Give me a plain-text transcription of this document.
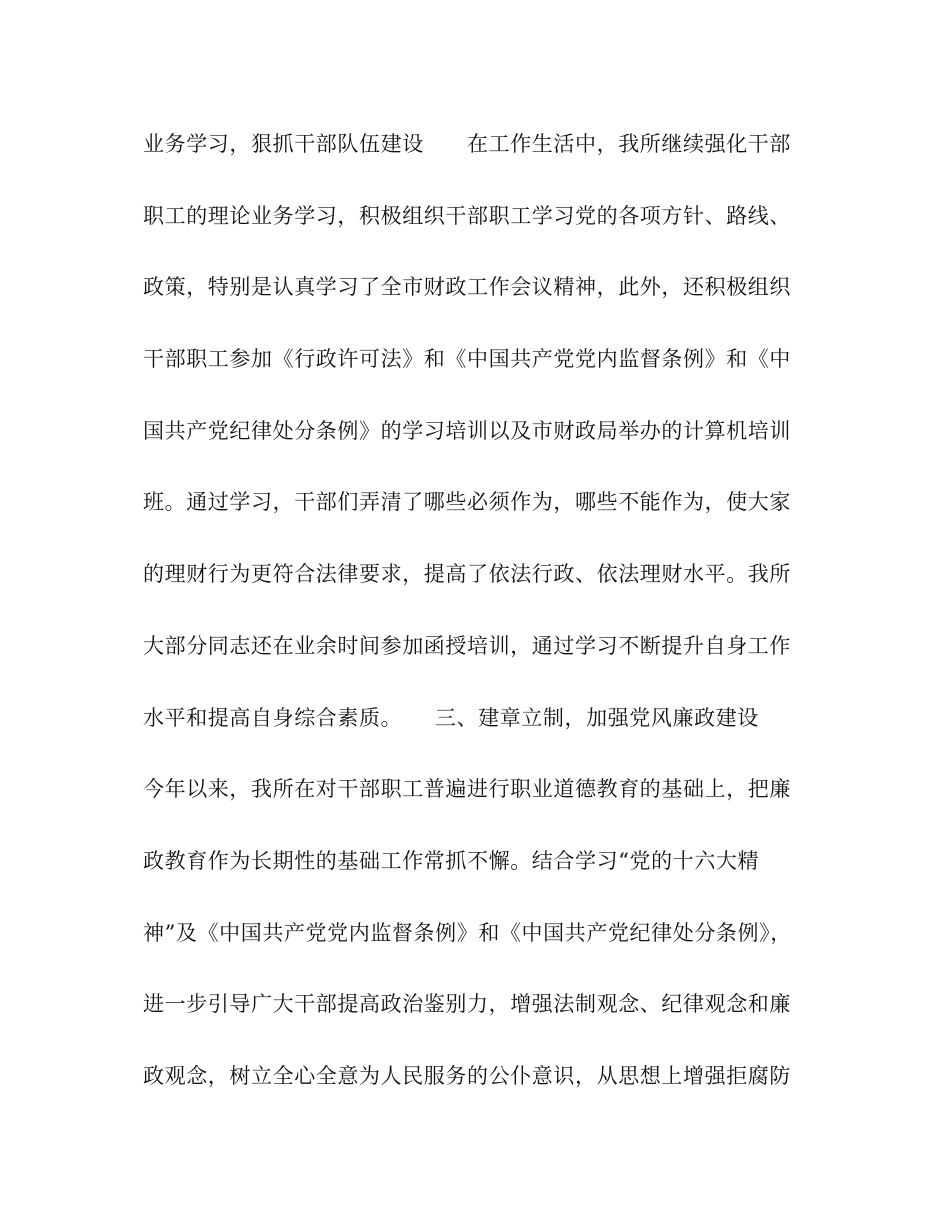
业务学习，狠抓干部队伍建设　　在工作生活中，我所继续强化干部
职工的理论业务学习，积极组织干部职工学习党的各项方针、路线、
政策，特别是认真学习了全市财政工作会议精神，此外，还积极组织
干部职工参加《行政许可法》和《中国共产党党内监督条例》和《中
国共产党纪律处分条例》的学习培训以及市财政局举办的计算机培训
班。通过学习，干部们弄清了哪些必须作为，哪些不能作为，使大家
的理财行为更符合法律要求，提高了依法行政、依法理财水平。我所
大部分同志还在业余时间参加函授培训，通过学习不断提升自身工作
水平和提高自身综合素质。　　三、建章立制，加强党风廉政建设
今年以来，我所在对干部职工普遍进行职业道德教育的基础上，把廉
政教育作为长期性的基础工作常抓不懈。结合学习“党的十六大精
神”及《中国共产党党内监督条例》和《中国共产党纪律处分条例》，
进一步引导广大干部提高政治鉴别力，增强法制观念、纪律观念和廉
政观念，树立全心全意为人民服务的公仆意识，从思想上增强拒腐防
